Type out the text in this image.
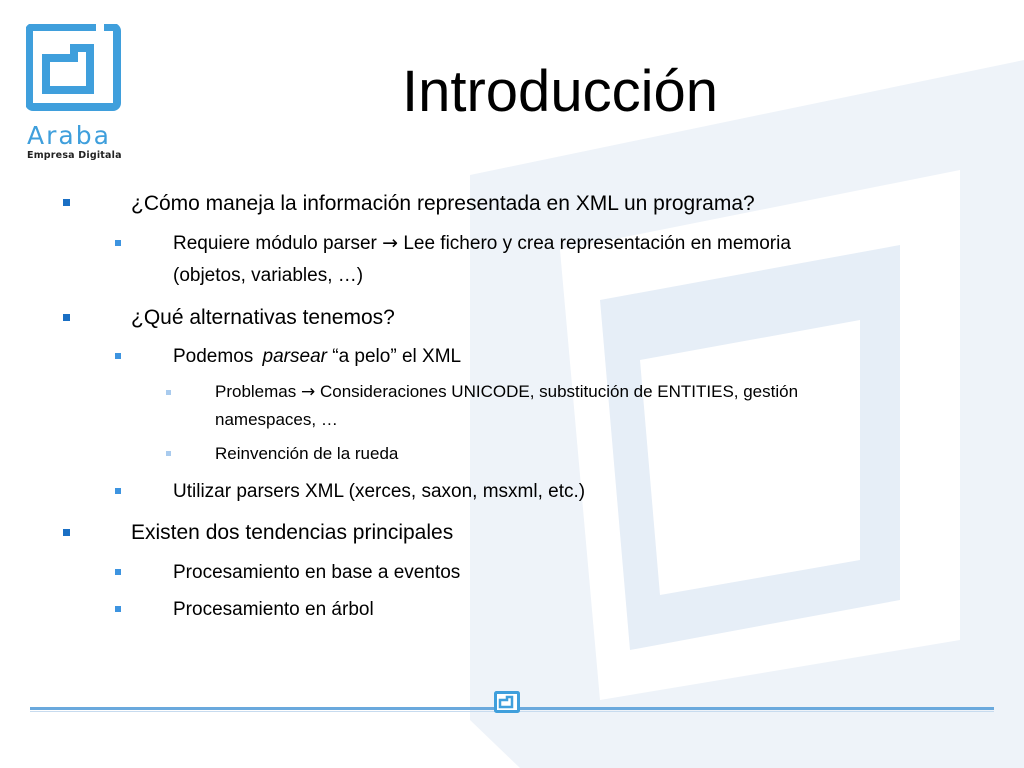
Araba
Empresa Digitala
Introducción
¿Cómo maneja la información representada en XML un programa?
Requiere módulo parser → Lee fichero y crea representación en memoria
(objetos, variables, …)
¿Qué alternativas tenemos?
Podemos parsear “a pelo” el XML
Problemas → Consideraciones UNICODE, substitución de ENTITIES, gestión
namespaces, …
Reinvención de la rueda
Utilizar parsers XML (xerces, saxon, msxml, etc.)
Existen dos tendencias principales
Procesamiento en base a eventos
Procesamiento en árbol
